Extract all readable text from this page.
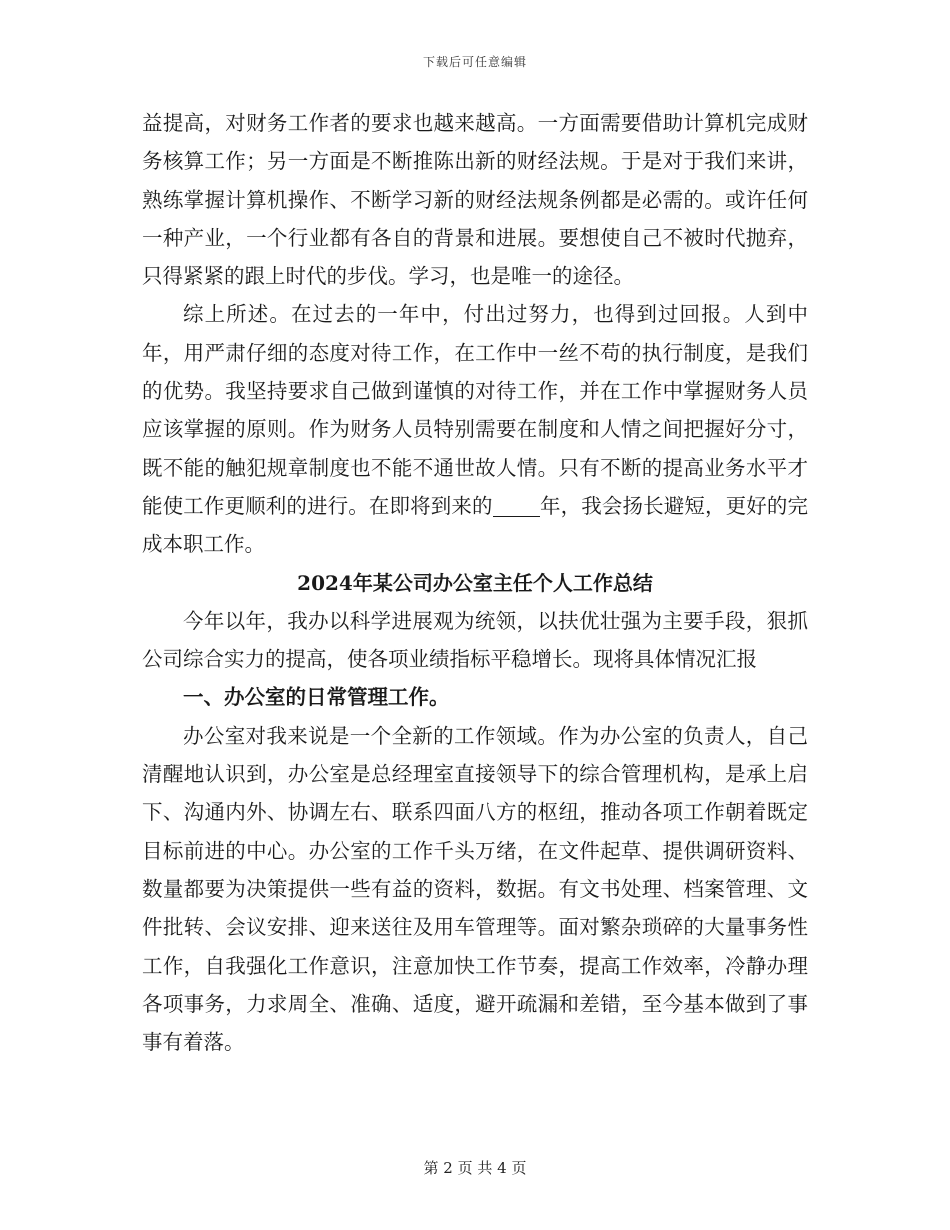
下载后可任意编辑

益提高，对财务工作者的要求也越来越高。一方面需要借助计算机完成财务核算工作；另一方面是不断推陈出新的财经法规。于是对于我们来讲，熟练掌握计算机操作、不断学习新的财经法规条例都是必需的。或许任何一种产业，一个行业都有各自的背景和进展。要想使自己不被时代抛弃，只得紧紧的跟上时代的步伐。学习，也是唯一的途径。

综上所述。在过去的一年中，付出过努力，也得到过回报。人到中年，用严肃仔细的态度对待工作，在工作中一丝不苟的执行制度，是我们的优势。我坚持要求自己做到谨慎的对待工作，并在工作中掌握财务人员应该掌握的原则。作为财务人员特别需要在制度和人情之间把握好分寸，既不能的触犯规章制度也不能不通世故人情。只有不断的提高业务水平才能使工作更顺利的进行。在即将到来的 年，我会扬长避短，更好的完成本职工作。

2024年某公司办公室主任个人工作总结

今年以年，我办以科学进展观为统领，以扶优壮强为主要手段，狠抓公司综合实力的提高，使各项业绩指标平稳增长。现将具体情况汇报

一、办公室的日常管理工作。

办公室对我来说是一个全新的工作领域。作为办公室的负责人，自己清醒地认识到，办公室是总经理室直接领导下的综合管理机构，是承上启下、沟通内外、协调左右、联系四面八方的枢纽，推动各项工作朝着既定目标前进的中心。办公室的工作千头万绪，在文件起草、提供调研资料、数量都要为决策提供一些有益的资料，数据。有文书处理、档案管理、文件批转、会议安排、迎来送往及用车管理等。面对繁杂琐碎的大量事务性工作，自我强化工作意识，注意加快工作节奏，提高工作效率，冷静办理各项事务，力求周全、准确、适度，避开疏漏和差错，至今基本做到了事事有着落。

第 2 页 共 4 页
